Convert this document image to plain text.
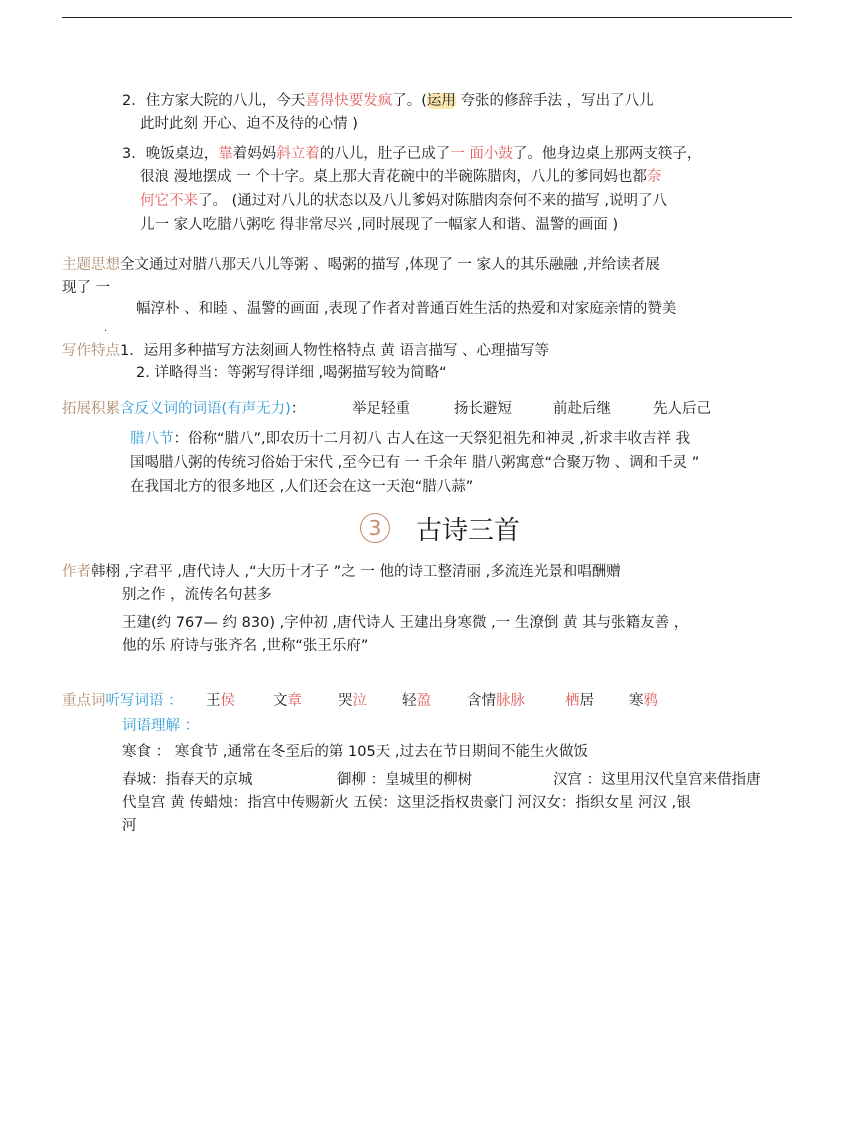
2．住方家大院的八儿，今天喜得快要发疯了。(运用 夸张的修辞手法 ，写出了八儿
此时此刻 开心、迫不及待的心情 )
3．晚饭桌边，靠着妈妈斜立着的八儿，肚子已成了一 面小鼓了。他身边桌上那两支筷子，
很浪 漫地摆成 一 个十字。桌上那大青花碗中的半碗陈腊肉，八儿的爹同妈也都奈
何它不来了。 (通过对八儿的状态以及八儿爹妈对陈腊肉奈何不来的描写 ,说明了八
儿一 家人吃腊八粥吃 得非常尽兴 ,同时展现了一幅家人和谐、温警的画面 )
主题思想全文通过对腊八那天八儿等粥 、喝粥的描写 ,体现了 一 家人的其乐融融 ,并给读者展
现了 一
幅淳朴 、和睦 、温警的画面 ,表现了作者对普通百姓生活的热爱和对家庭亲情的赞美
.
写作特点1．运用多种描写方法刻画人物性格特点 黄 语言描写 、心理描写等
2. 详略得当：等粥写得详细 ,喝粥描写较为简略“
拓展积累含反义词的词语(有声无力)：	举足轻重	扬长避短	前赴后继	先人后己
腊八节：俗称“腊八”,即农历十二月初八 古人在这一天祭犯祖先和神灵 ,祈求丰收吉祥 我
国喝腊八粥的传统习俗始于宋代 ,至今已有 一 千余年 腊八粥寓意“合聚万物 、调和千灵 ”
在我国北方的很多地区 ,人们还会在这一天泡“腊八蒜”
3	古诗三首
作者韩栩 ,字君平 ,唐代诗人 ,“大历十才子 ”之 一 他的诗工整清丽 ,多流连光景和唱酬赠
别之作 ，流传名句甚多
王建(约 767— 约 830) ,字仲初 ,唐代诗人 王建出身寒微 ,一 生潦倒 黄 其与张籍友善 ，
他的乐 府诗与张齐名 ,世称“张王乐府”
重点词听写词语 ： 王侯	文章 哭泣 轻盈 含情脉脉	栖居 寒鸦
词语理解 ：
寒食 ： 寒食节 ,通常在冬至后的第 105天 ,过去在节日期间不能生火做饭
春城：指春天的京城	御柳 ：皇城里的柳树	汉宫 ：这里用汉代皇宫来借指唐
代皇宫 黄 传蜡烛：指宫中传赐新火 五侯：这里泛指权贵豪门 河汉女：指织女星 河汉 ,银
河
